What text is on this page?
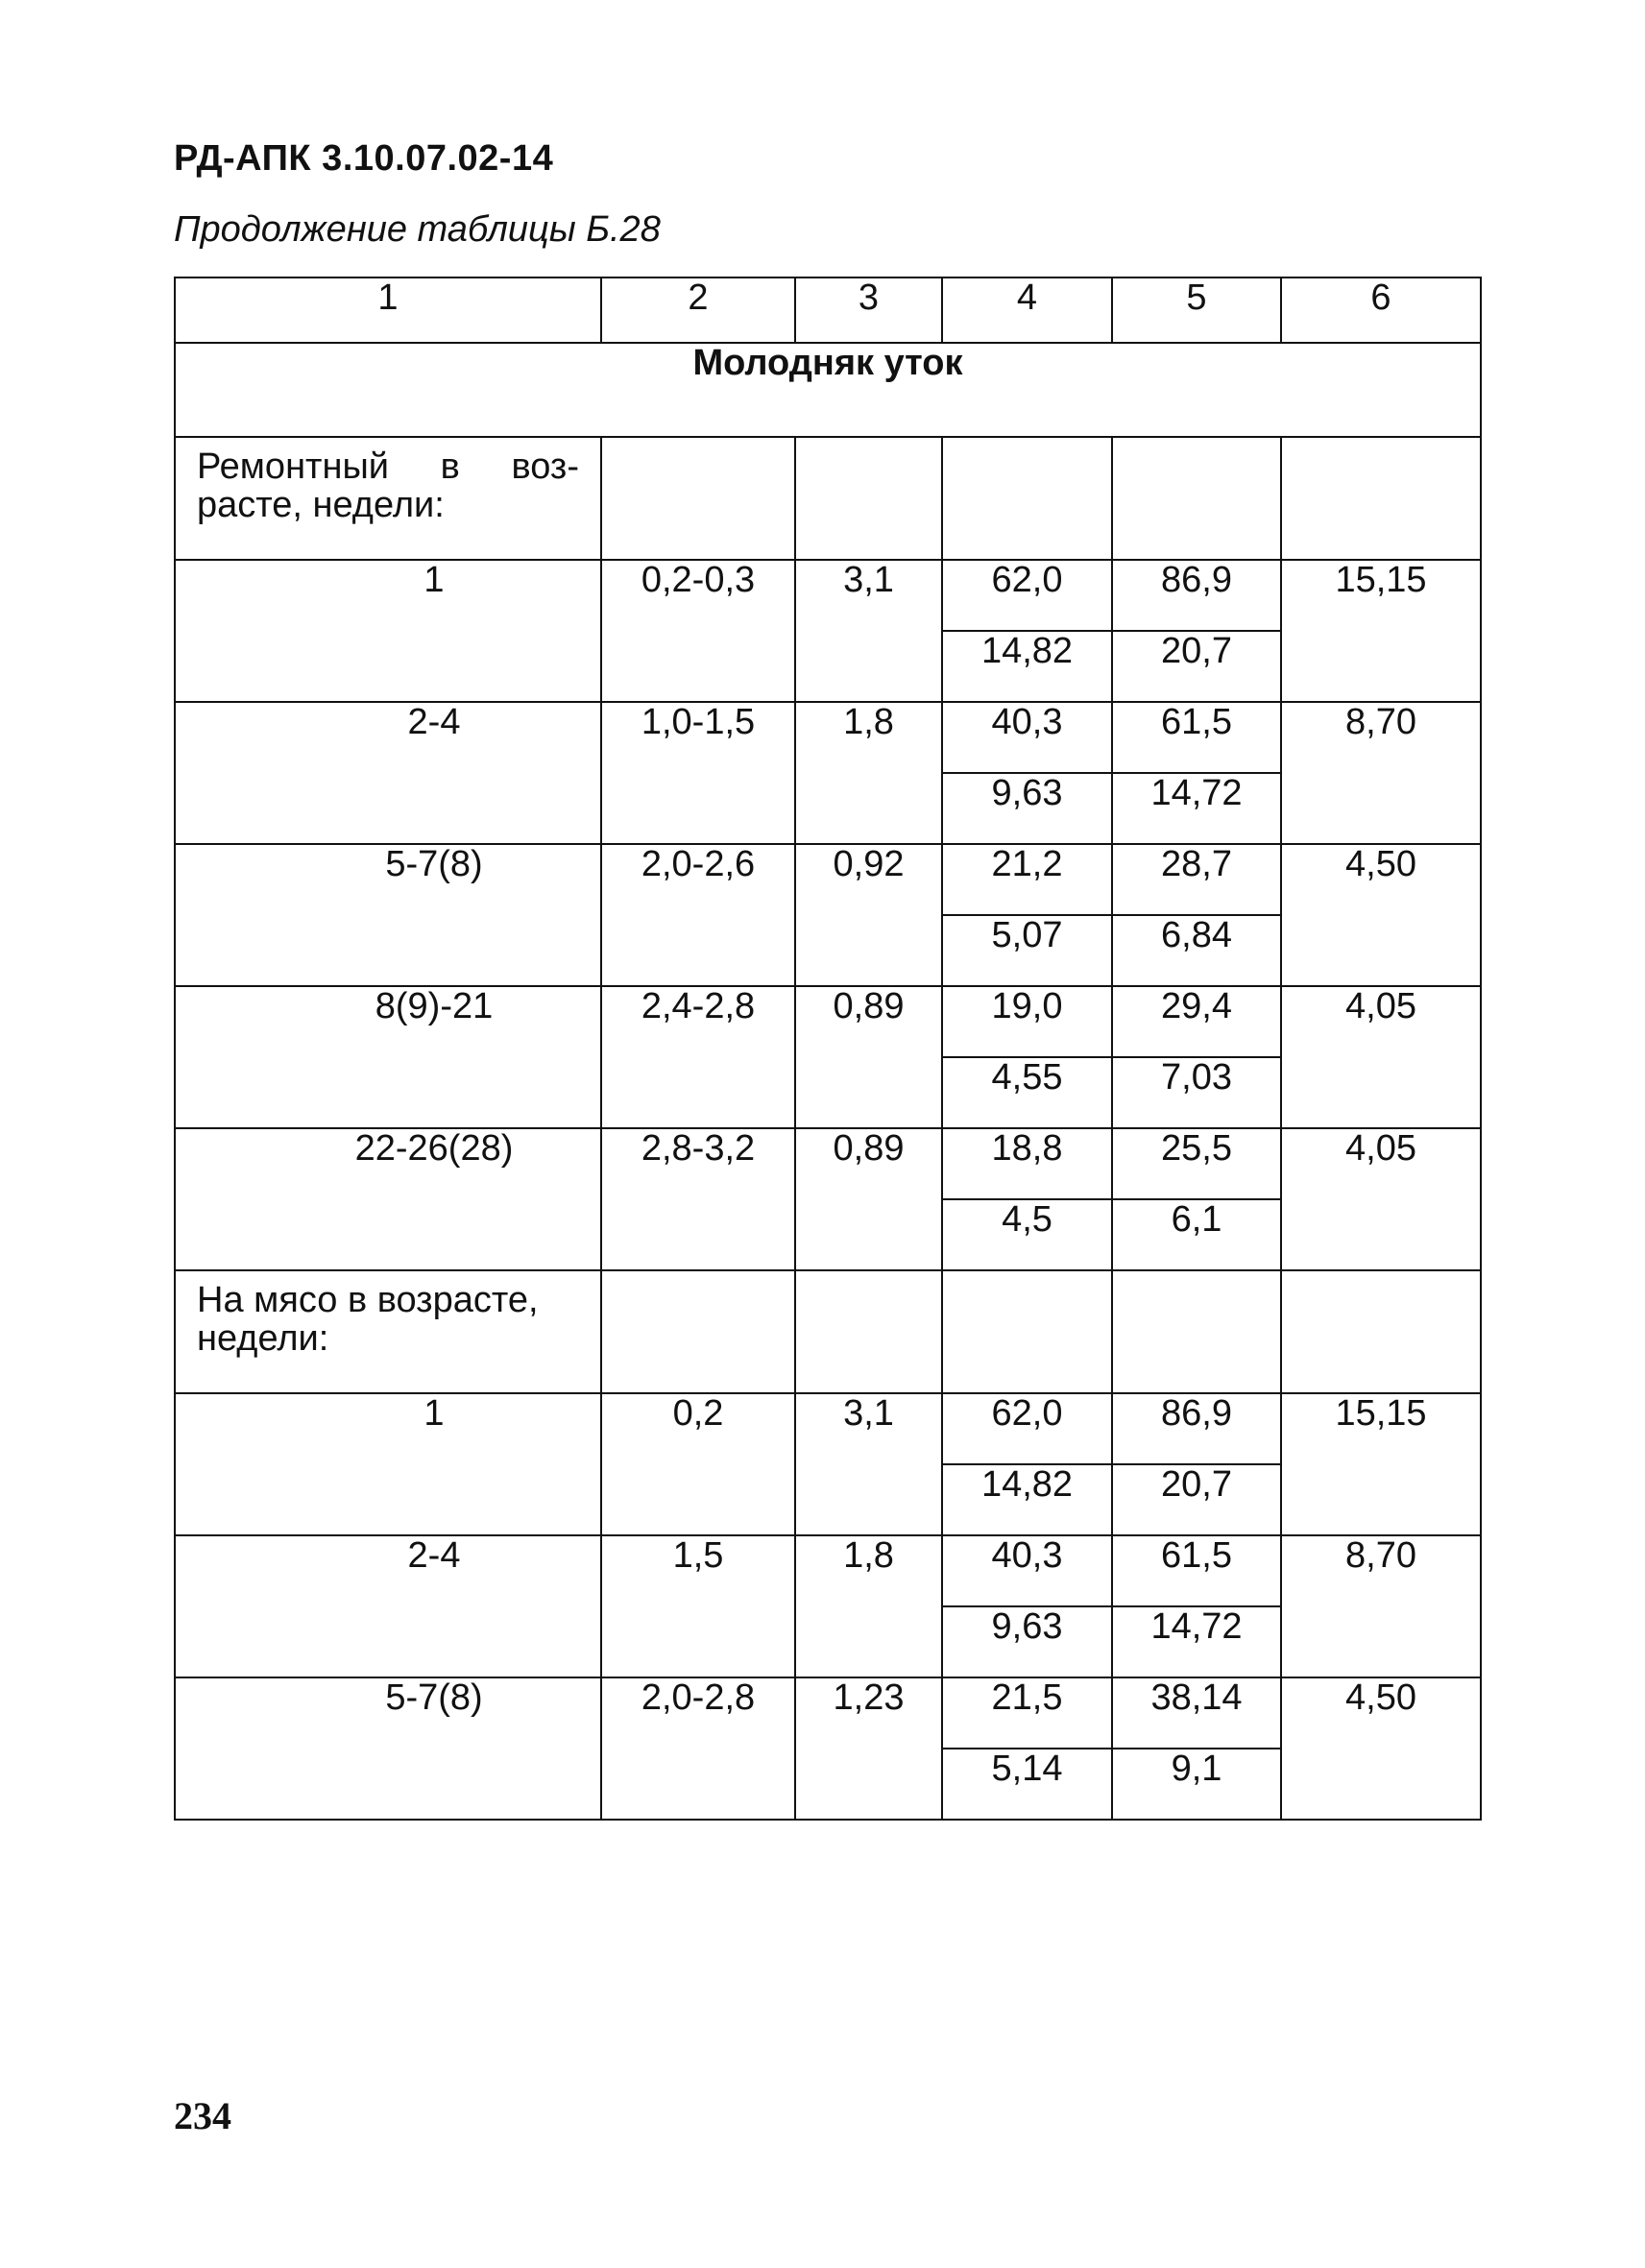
РД-АПК 3.10.07.02-14
Продолжение таблицы Б.28
1	2	3	4	5	6
Молодняк уток					

Ремонтный в воз-
расте, недели:					

1	0,2-0,3	3,1	62,0	86,9	15,15
			14,82	20,7	
2-4	1,0-1,5	1,8	40,3	61,5	8,70
			9,63	14,72	
5-7(8)	2,0-2,6	0,92	21,2	28,7	4,50
			5,07	6,84	
8(9)-21	2,4-2,8	0,89	19,0	29,4	4,05
			4,55	7,03	
22-26(28)	2,8-3,2	0,89	18,8	25,5	4,05
			4,5	6,1	

На мясо в возрасте,
недели:					

1	0,2	3,1	62,0	86,9	15,15
			14,82	20,7	
2-4	1,5	1,8	40,3	61,5	8,70
			9,63	14,72	
5-7(8)	2,0-2,8	1,23	21,5	38,14	4,50
			5,14	9,1	
234
